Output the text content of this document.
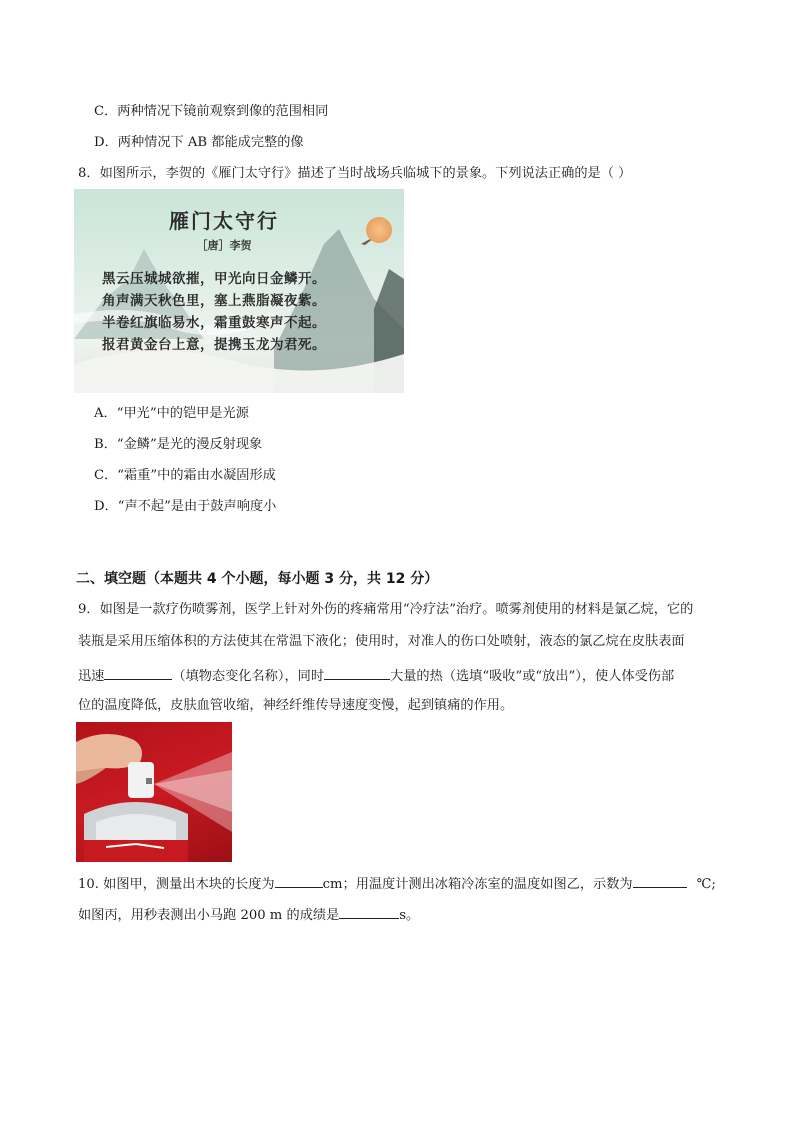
C．两种情况下镜前观察到像的范围相同
D．两种情况下 AB 都能成完整的像
8．如图所示，李贺的《雁门太守行》描述了当时战场兵临城下的景象。下列说法正确的是（ ）
雁门太守行
［唐］李贺
黑云压城城欲摧，甲光向日金鳞开。
角声满天秋色里，塞上燕脂凝夜紫。
半卷红旗临易水，霜重鼓寒声不起。
报君黄金台上意，提携玉龙为君死。
A．“甲光”中的铠甲是光源
B．“金鳞”是光的漫反射现象
C．“霜重”中的霜由水凝固形成
D．“声不起”是由于鼓声响度小
二、填空题（本题共 4 个小题，每小题 3 分，共 12 分）
9．如图是一款疗伤喷雾剂，医学上针对外伤的疼痛常用“冷疗法”治疗。喷雾剂使用的材料是氯乙烷，它的
装瓶是采用压缩体积的方法使其在常温下液化；使用时，对准人的伤口处喷射，液态的氯乙烷在皮肤表面
迅速	（填物态变化名称），同时	大量的热（选填“吸收”或“放出”），使人体受伤部
位的温度降低，皮肤血管收缩，神经纤维传导速度变慢，起到镇痛的作用。
10. 如图甲，测量出木块的长度为	cm；用温度计测出冰箱冷冻室的温度如图乙，示数为	℃;
如图丙，用秒表测出小马跑 200 m 的成绩是	s。
